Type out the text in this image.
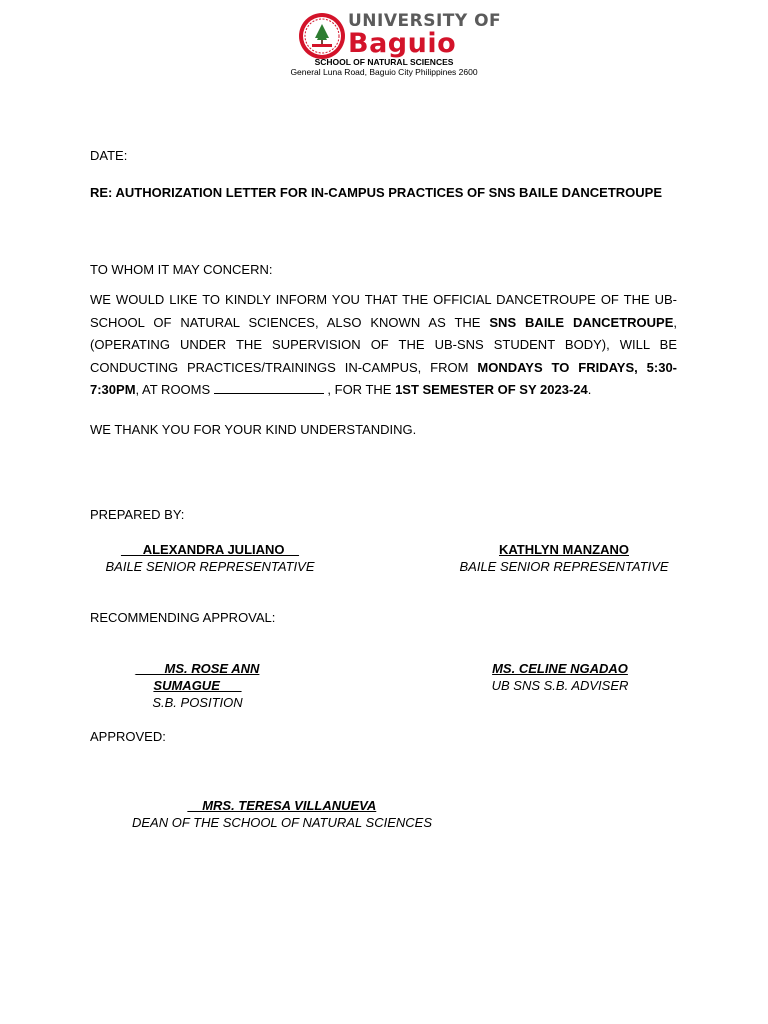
UNIVERSITY OF
Baguio
SCHOOL OF NATURAL SCIENCES
General Luna Road, Baguio City Philippines 2600
DATE:
RE: AUTHORIZATION LETTER FOR IN-CAMPUS PRACTICES OF SNS BAILE DANCETROUPE
TO WHOM IT MAY CONCERN:
WE WOULD LIKE TO KINDLY INFORM YOU THAT THE OFFICIAL DANCETROUPE OF THE UB-SCHOOL OF NATURAL SCIENCES, ALSO KNOWN AS THE SNS BAILE DANCETROUPE, (OPERATING UNDER THE SUPERVISION OF THE UB-SNS STUDENT BODY), WILL BE CONDUCTING PRACTICES/TRAININGS IN-CAMPUS, FROM MONDAYS TO FRIDAYS, 5:30-7:30PM, AT ROOMS	, FOR THE 1ST SEMESTER OF SY 2023-24.
WE THANK YOU FOR YOUR KIND UNDERSTANDING.
PREPARED BY:
___ALEXANDRA JULIANO__
BAILE SENIOR REPRESENTATIVE
KATHLYN MANZANO
BAILE SENIOR REPRESENTATIVE
RECOMMENDING APPROVAL:
____MS. ROSE ANN SUMAGUE___
S.B. POSITION
MS. CELINE NGADAO
UB SNS S.B. ADVISER
APPROVED:
__MRS. TERESA VILLANUEVA
DEAN OF THE SCHOOL OF NATURAL SCIENCES
